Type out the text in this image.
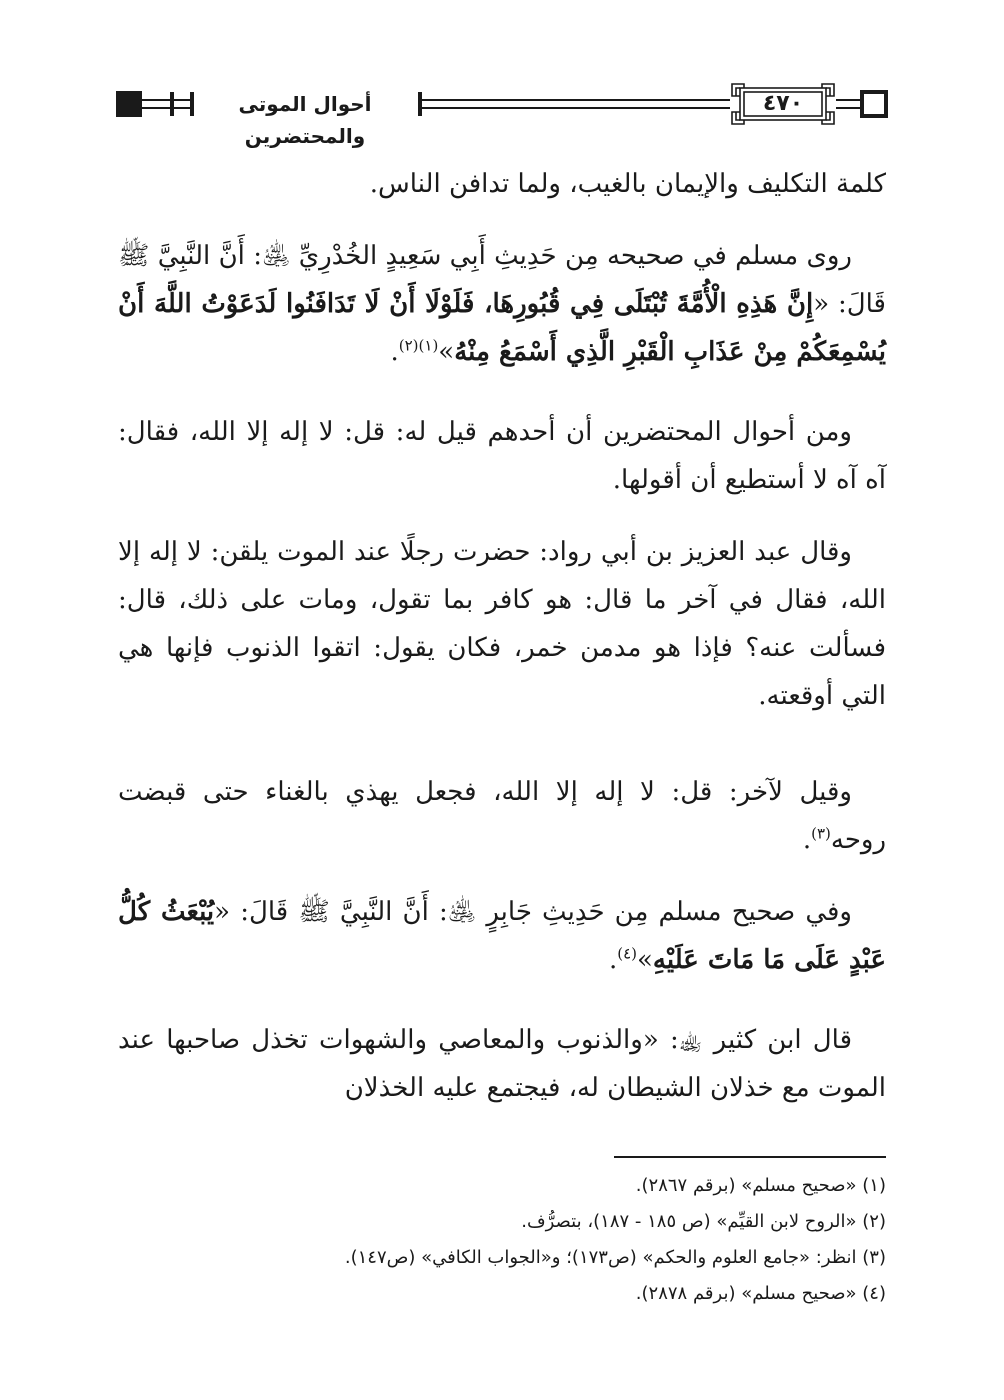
أحوال الموتى والمحتضرين
٤٧٠

كلمة التكليف والإيمان بالغيب، ولما تدافن الناس.

روى مسلم في صحيحه مِن حَدِيثِ أَبِي سَعِيدٍ الخُدْرِيِّ ﵁: أَنَّ النَّبِيَّ ﷺ قَالَ: «إِنَّ هَذِهِ الْأُمَّةَ تُبْتَلَى فِي قُبُورِهَا، فَلَوْلَا أَنْ لَا تَدَافَنُوا لَدَعَوْتُ اللَّهَ أَنْ يُسْمِعَكُمْ مِنْ عَذَابِ الْقَبْرِ الَّذِي أَسْمَعُ مِنْهُ»$^{(١)(٢)}$.

ومن أحوال المحتضرين أن أحدهم قيل له: قل: لا إله إلا الله، فقال: آه آه لا أستطيع أن أقولها.

وقال عبد العزيز بن أبي رواد: حضرت رجلًا عند الموت يلقن: لا إله إلا الله، فقال في آخر ما قال: هو كافر بما تقول، ومات على ذلك، قال: فسألت عنه؟ فإذا هو مدمن خمر، فكان يقول: اتقوا الذنوب فإنها هي التي أوقعته.

وقيل لآخر: قل: لا إله إلا الله، فجعل يهذي بالغناء حتى قبضت روحه$^{(٣)}$.

وفي صحيح مسلم مِن حَدِيثِ جَابِرٍ ﵁: أَنَّ النَّبِيَّ ﷺ قَالَ: «يُبْعَثُ كُلُّ عَبْدٍ عَلَى مَا مَاتَ عَلَيْهِ»$^{(٤)}$.

قال ابن كثير ﵀: «والذنوب والمعاصي والشهوات تخذل صاحبها عند الموت مع خذلان الشيطان له، فيجتمع عليه الخذلان

(١) «صحيح مسلم» (برقم ٢٨٦٧).

(٢) «الروح لابن القيِّم» (ص ١٨٥ - ١٨٧)، بتصرُّف.

(٣) انظر: «جامع العلوم والحكم» (ص١٧٣)؛ و«الجواب الكافي» (ص١٤٧).

(٤) «صحيح مسلم» (برقم ٢٨٧٨).
